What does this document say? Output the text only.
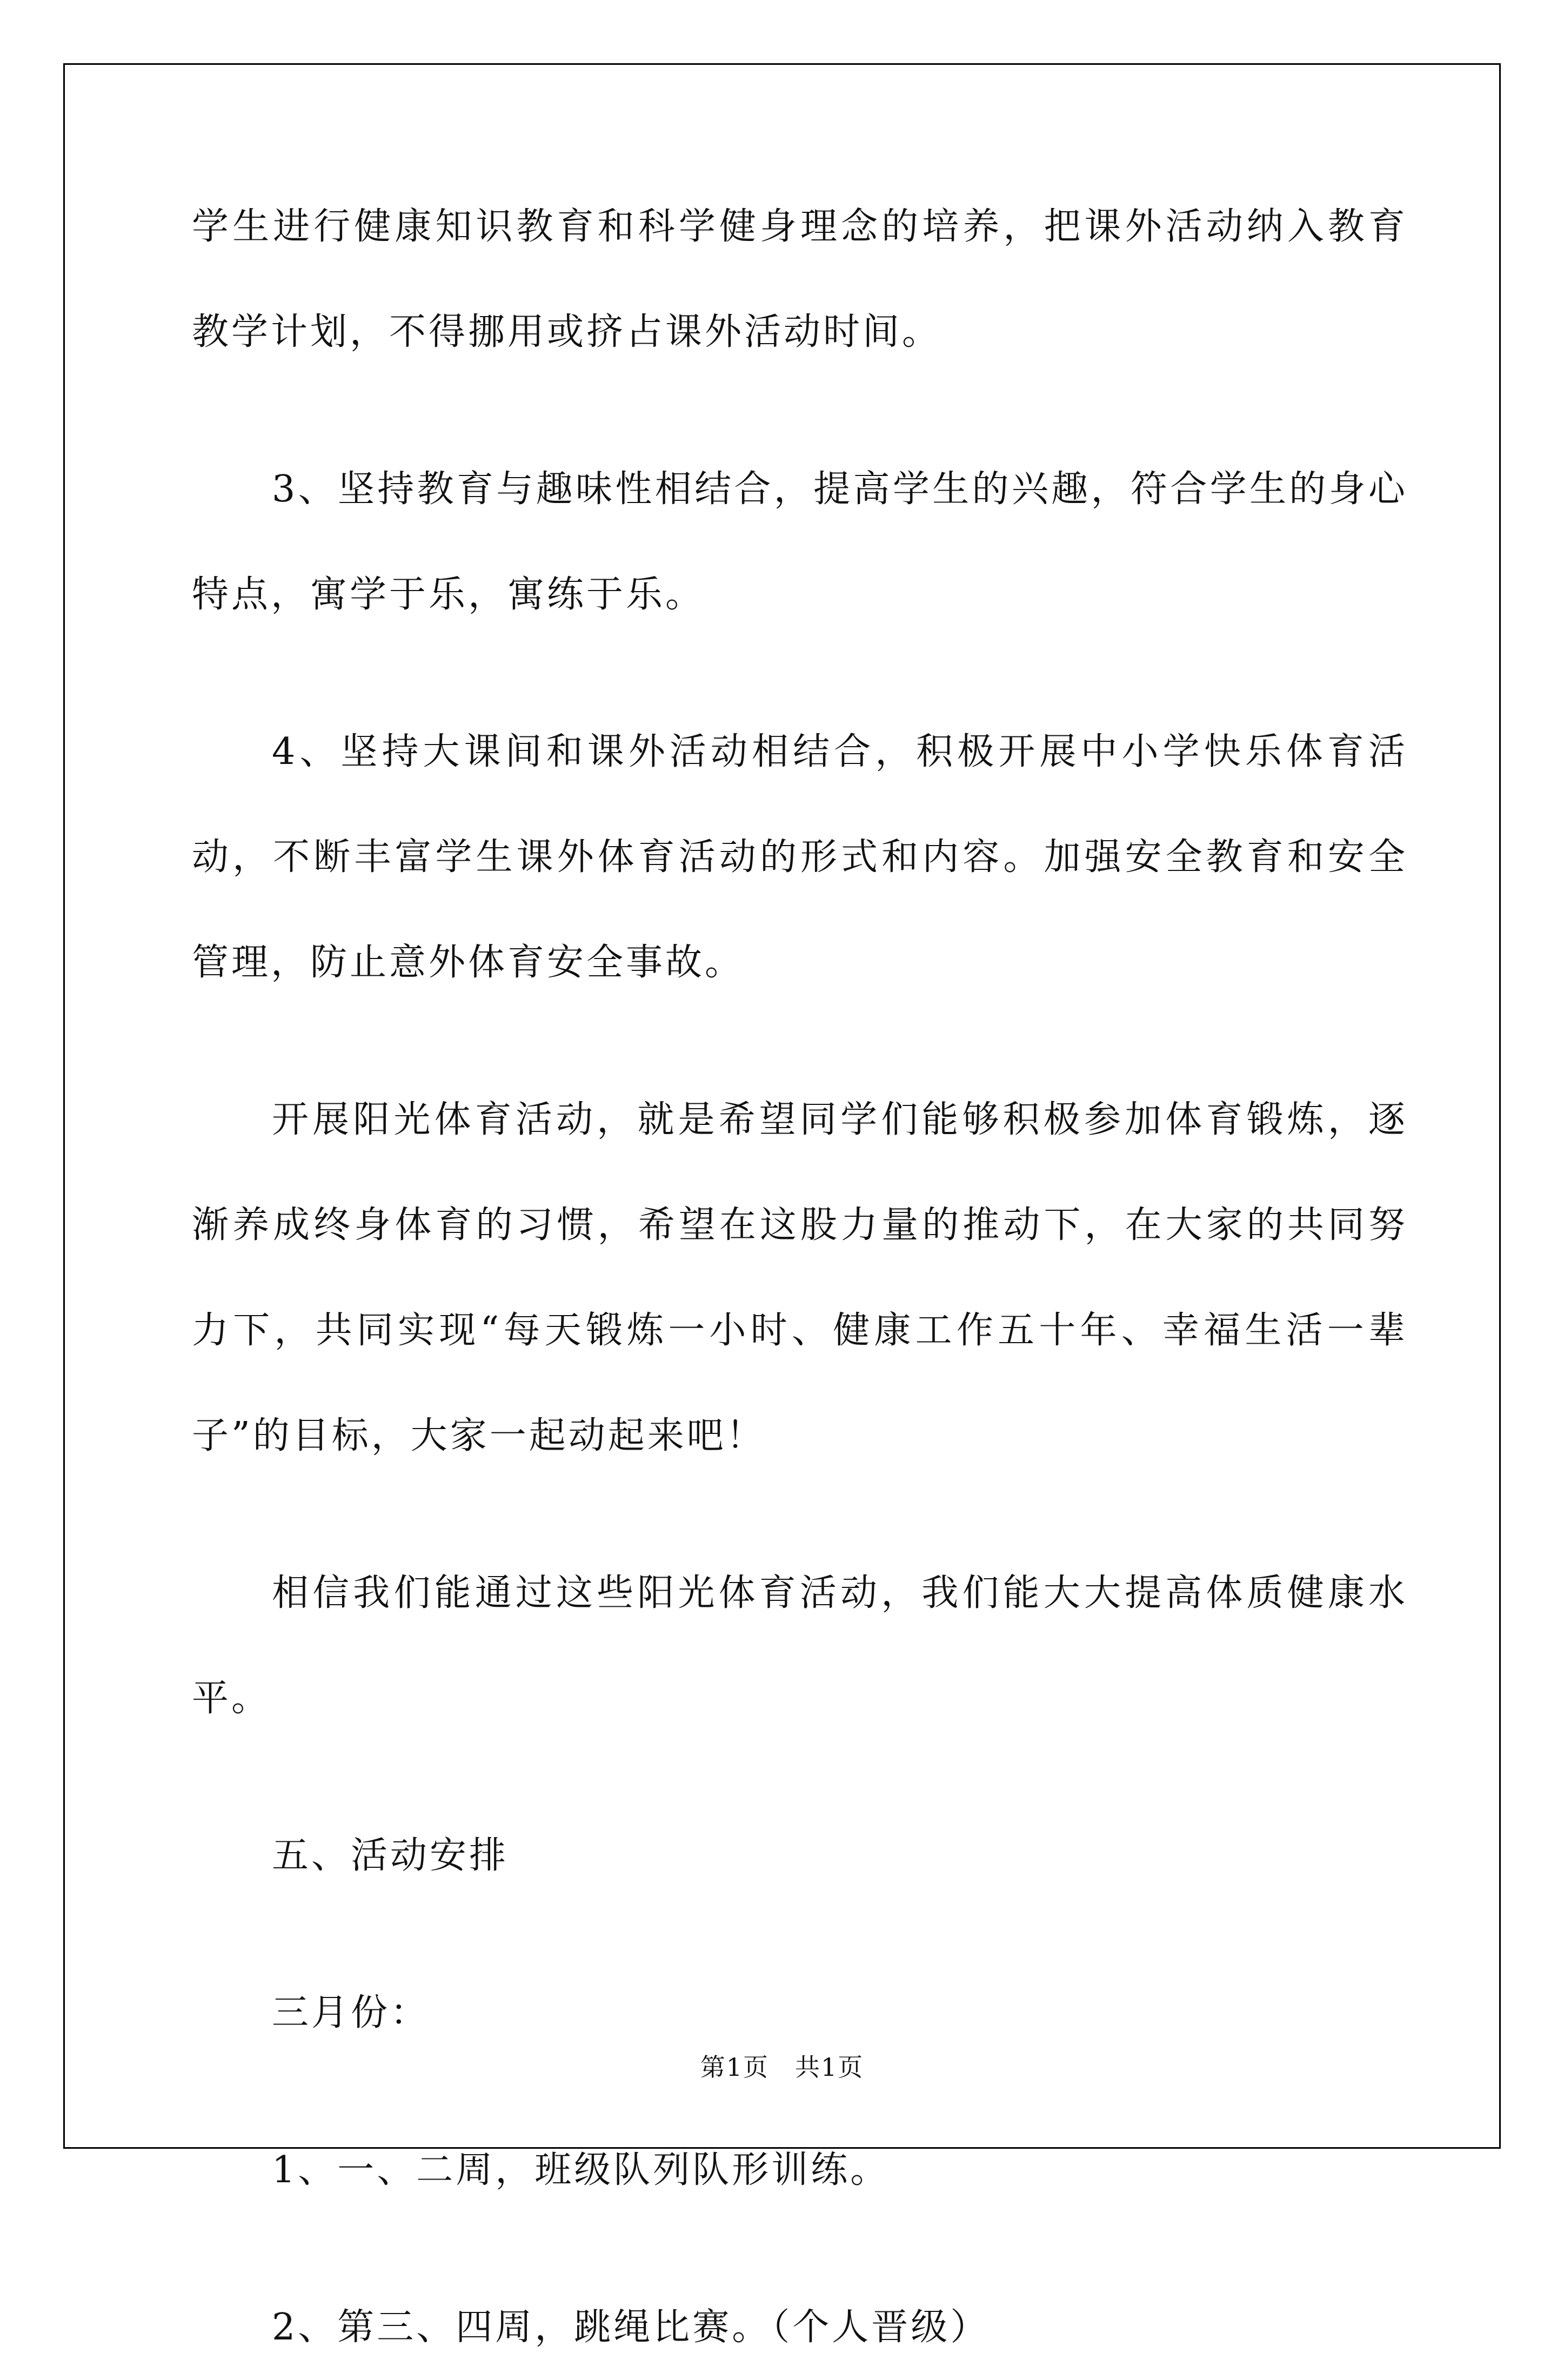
学生进行健康知识教育和科学健身理念的培养，把课外活动纳入教育教学计划，不得挪用或挤占课外活动时间。

3、坚持教育与趣味性相结合，提高学生的兴趣，符合学生的身心特点，寓学于乐，寓练于乐。

4、坚持大课间和课外活动相结合，积极开展中小学快乐体育活动，不断丰富学生课外体育活动的形式和内容。加强安全教育和安全管理，防止意外体育安全事故。

开展阳光体育活动，就是希望同学们能够积极参加体育锻炼，逐渐养成终身体育的习惯，希望在这股力量的推动下，在大家的共同努力下，共同实现“每天锻炼一小时、健康工作五十年、幸福生活一辈子”的目标，大家一起动起来吧！

相信我们能通过这些阳光体育活动，我们能大大提高体质健康水平。

五、活动安排

三月份：

1、一、二周，班级队列队形训练。

2、第三、四周，跳绳比赛。（个人晋级）

第1页　共1页
